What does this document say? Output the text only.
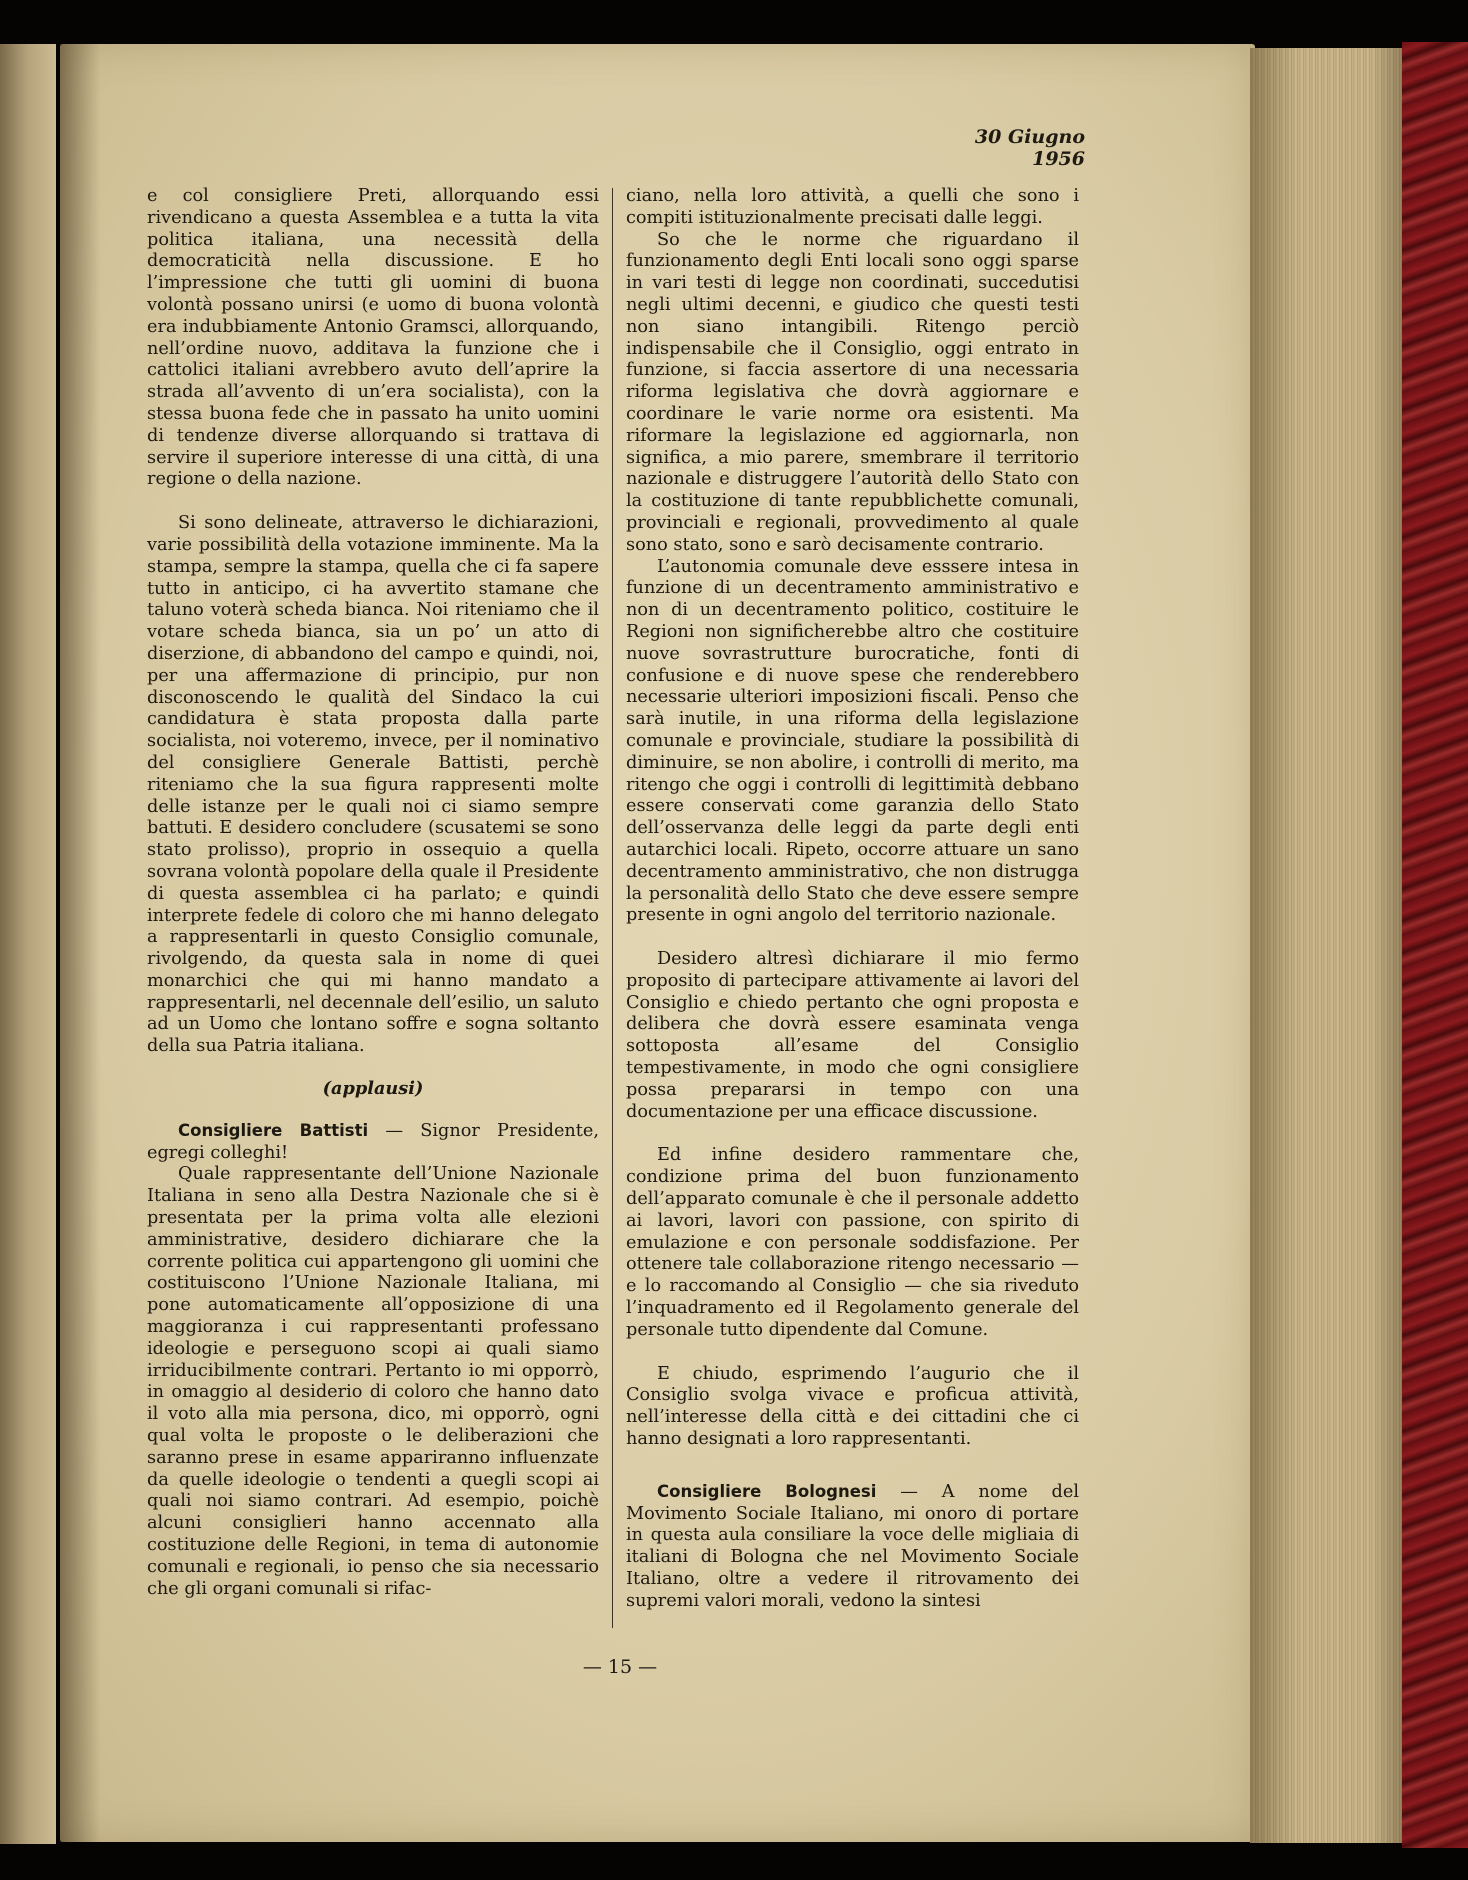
30 Giugno 1956

e col consigliere Preti, allorquando essi rivendicano a questa Assemblea e a tutta la vita politica italiana, una necessità della democraticità nella discussione. E ho l’impressione che tutti gli uomini di buona volontà possano unirsi (e uomo di buona volontà era indubbiamente Antonio Gramsci, allorquando, nell’ordine nuovo, additava la funzione che i cattolici italiani avrebbero avuto dell’aprire la strada all’avvento di un’era socialista), con la stessa buona fede che in passato ha unito uomini di tendenze diverse allorquando si trattava di servire il superiore interesse di una città, di una regione o della nazione.

Si sono delineate, attraverso le dichiarazioni, varie possibilità della votazione imminente. Ma la stampa, sempre la stampa, quella che ci fa sapere tutto in anticipo, ci ha avvertito stamane che taluno voterà scheda bianca. Noi riteniamo che il votare scheda bianca, sia un po’ un atto di diserzione, di abbandono del campo e quindi, noi, per una affermazione di principio, pur non disconoscendo le qualità del Sindaco la cui candidatura è stata proposta dalla parte socialista, noi voteremo, invece, per il nominativo del consigliere Generale Battisti, perchè riteniamo che la sua figura rappresenti molte delle istanze per le quali noi ci siamo sempre battuti. E desidero concludere (scusatemi se sono stato prolisso), proprio in ossequio a quella sovrana volontà popolare della quale il Presidente di questa assemblea ci ha parlato; e quindi interprete fedele di coloro che mi hanno delegato a rappresentarli in questo Consiglio comunale, rivolgendo, da questa sala in nome di quei monarchici che qui mi hanno mandato a rappresentarli, nel decennale dell’esilio, un saluto ad un Uomo che lontano soffre e sogna soltanto della sua Patria italiana.

(applausi)

Consigliere Battisti — Signor Presidente, egregi colleghi!

Quale rappresentante dell’Unione Nazionale Italiana in seno alla Destra Nazionale che si è presentata per la prima volta alle elezioni amministrative, desidero dichiarare che la corrente politica cui appartengono gli uomini che costituiscono l’Unione Nazionale Italiana, mi pone automaticamente all’opposizione di una maggioranza i cui rappresentanti professano ideologie e perseguono scopi ai quali siamo irriducibilmente contrari. Pertanto io mi opporrò, in omaggio al desiderio di coloro che hanno dato il voto alla mia persona, dico, mi opporrò, ogni qual volta le proposte o le deliberazioni che saranno prese in esame appariranno influenzate da quelle ideologie o tendenti a quegli scopi ai quali noi siamo contrari. Ad esempio, poichè alcuni consiglieri hanno accennato alla costituzione delle Regioni, in tema di autonomie comunali e regionali, io penso che sia necessario che gli organi comunali si rifac-

ciano, nella loro attività, a quelli che sono i compiti istituzionalmente precisati dalle leggi.

So che le norme che riguardano il funzionamento degli Enti locali sono oggi sparse in vari testi di legge non coordinati, succedutisi negli ultimi decenni, e giudico che questi testi non siano intangibili. Ritengo perciò indispensabile che il Consiglio, oggi entrato in funzione, si faccia assertore di una necessaria riforma legislativa che dovrà aggiornare e coordinare le varie norme ora esistenti. Ma riformare la legislazione ed aggiornarla, non significa, a mio parere, smembrare il territorio nazionale e distruggere l’autorità dello Stato con la costituzione di tante repubblichette comunali, provinciali e regionali, provvedimento al quale sono stato, sono e sarò decisamente contrario.

L’autonomia comunale deve esssere intesa in funzione di un decentramento amministrativo e non di un decentramento politico, costituire le Regioni non significherebbe altro che costituire nuove sovrastrutture burocratiche, fonti di confusione e di nuove spese che renderebbero necessarie ulteriori imposizioni fiscali. Penso che sarà inutile, in una riforma della legislazione comunale e provinciale, studiare la possibilità di diminuire, se non abolire, i controlli di merito, ma ritengo che oggi i controlli di legittimità debbano essere conservati come garanzia dello Stato dell’osservanza delle leggi da parte degli enti autarchici locali. Ripeto, occorre attuare un sano decentramento amministrativo, che non distrugga la personalità dello Stato che deve essere sempre presente in ogni angolo del territorio nazionale.

Desidero altresì dichiarare il mio fermo proposito di partecipare attivamente ai lavori del Consiglio e chiedo pertanto che ogni proposta e delibera che dovrà essere esaminata venga sottoposta all’esame del Consiglio tempestivamente, in modo che ogni consigliere possa prepararsi in tempo con una documentazione per una efficace discussione.

Ed infine desidero rammentare che, condizione prima del buon funzionamento dell’apparato comunale è che il personale addetto ai lavori, lavori con passione, con spirito di emulazione e con personale soddisfazione. Per ottenere tale collaborazione ritengo necessario — e lo raccomando al Consiglio — che sia riveduto l’inquadramento ed il Regolamento generale del personale tutto dipendente dal Comune.

E chiudo, esprimendo l’augurio che il Consiglio svolga vivace e proficua attività, nell’interesse della città e dei cittadini che ci hanno designati a loro rappresentanti.

Consigliere Bolognesi — A nome del Movimento Sociale Italiano, mi onoro di portare in questa aula consiliare la voce delle migliaia di italiani di Bologna che nel Movimento Sociale Italiano, oltre a vedere il ritrovamento dei supremi valori morali, vedono la sintesi

— 15 —
